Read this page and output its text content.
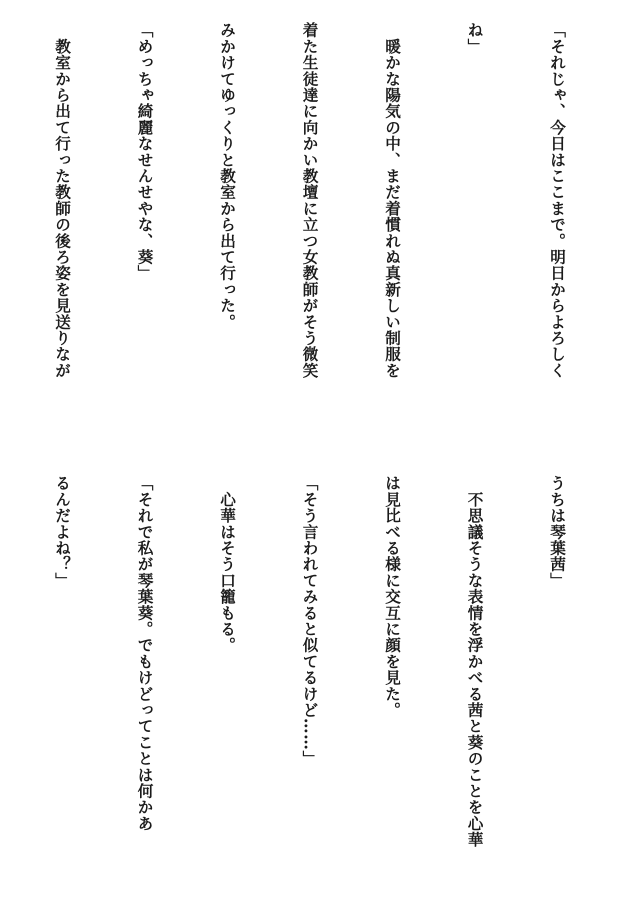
「それじゃ、今日はここまで。明日からよろしく

ね」

　暖かな陽気の中、まだ着慣れぬ真新しい制服を

着た生徒達に向かい教壇に立つ女教師がそう微笑

みかけてゆっくりと教室から出て行った。

「めっちゃ綺麗なせんせやな、葵」

　教室から出て行った教師の後ろ姿を見送りなが

うちは琴葉茜」

　不思議そうな表情を浮かべる茜と葵のことを心華

は見比べる様に交互に顔を見た。

「そう言われてみると似てるけど……」

　心華はそう口籠もる。

「それで私が琴葉葵。でもけどってことは何かあ

るんだよね？」
